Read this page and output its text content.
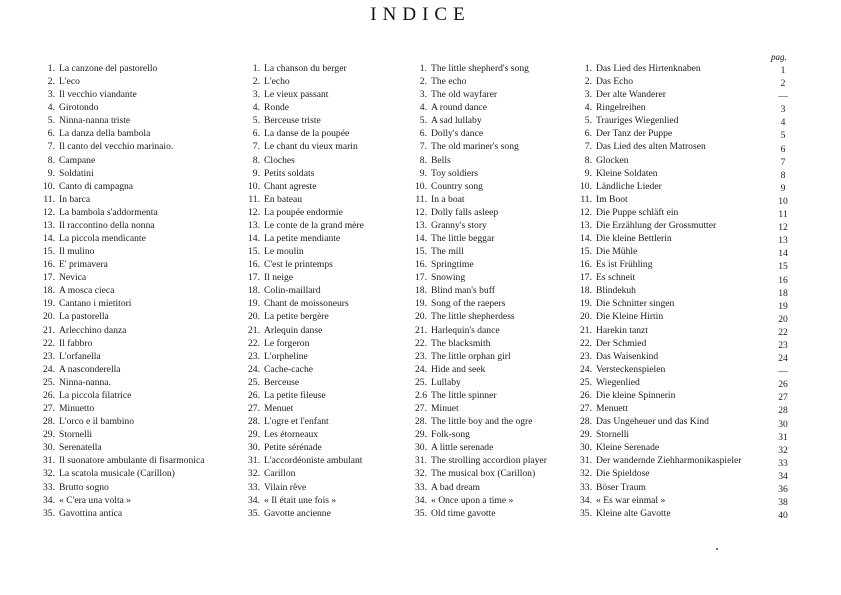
INDICE
1. La canzone del pastorello
2. L'eco
3. Il vecchio viandante
4. Girotondo
5. Ninna-nanna triste
6. La danza della bambola
7. Il canto del vecchio marinaio.
8. Campane
9. Soldatini
10. Canto di campagna
11. In barca
12. La bambola s'addormenta
13. Il raccontino della nonna
14. La piccola mendicante
15. Il mulino
16. E' primavera
17. Nevica
18. A mosca cieca
19. Cantano i mietitori
20. La pastorella
21. Arlecchino danza
22. Il fabbro
23. L'orfanella
24. A nasconderella
25. Ninna-nanna.
26. La piccola filatrice
27. Minuetto
28. L'orco e il bambino
29. Stornelli
30. Serenatella
31. Il suonatore ambulante di fisarmonica
32. La scatola musicale (Carillon)
33. Brutto sogno
34. « C'era una volta »
35. Gavottina antica
1. La chanson du berger
2. L'echo
3. Le vieux passant
4. Ronde
5. Berceuse triste
6. La danse de la poupée
7. Le chant du vieux marin
8. Cloches
9. Petits soldats
10. Chant agreste
11. En bateau
12. La poupée endormie
13. Le conte de la grand mère
14. La petite mendiante
15. Le moulin
16. C'est le printemps
17. Il neige
18. Colin-maillard
19. Chant de moissoneurs
20. La petite bergère
21. Arlequin danse
22. Le forgeron
23. L'orpheline
24. Cache-cache
25. Berceuse
26. La petite fileuse
27. Menuet
28. L'ogre et l'enfant
29. Les étorneaux
30. Petite sérénade
31. L'accordéoniste ambulant
32. Carillon
33. Vilain rêve
34. « Il était une fois »
35. Gavotte ancienne
1. The little shepherd's song
2. The echo
3. The old wayfarer
4. A round dance
5. A sad lullaby
6. Dolly's dance
7. The old mariner's song
8. Bells
9. Toy soldiers
10. Country song
11. In a boat
12. Dolly falls asleep
13. Granny's story
14. The little beggar
15. The mill
16. Springtime
17. Snowing
18. Blind man's buff
19. Song of the raepers
20. The little shepherdess
21. Harlequin's dance
22. The blacksmith
23. The little orphan girl
24. Hide and seek
25. Lullaby
2.6 The little spinner
27. Minuet
28. The little boy and the ogre
29. Folk-song
30. A little serenade
31. The strolling accordion player
32. The musical box (Carillon)
33. A bad dream
34. « Once upon a time »
35. Old time gavotte
1. Das Lied des Hirtenknaben
2. Das Echo
3. Der alte Wanderer
4. Ringelreihen
5. Trauriges Wiegenlied
6. Der Tanz der Puppe
7. Das Lied des alten Matrosen
8. Glocken
9. Kleine Soldaten
10. Ländliche Lieder
11. Im Boot
12. Die Puppe schläft ein
13. Die Erzählung der Grossmutter
14. Die kleine Bettlerin
15. Die Mühle
16. Es ist Frühling
17. Es schneit
18. Blindekuh
19. Die Schnitter singen
20. Die Kleine Hirtin
21. Harekin tanzt
22. Der Schmied
23. Das Waisenkind
24. Versteckenspielen
25. Wiegenlied
26. Die kleine Spinnerin
27. Menuett
28. Das Ungeheuer und das Kind
29. Stornelli
30. Kleine Serenade
31. Der wandernde Ziehharmonikaspieler
32. Die Spieldose
33. Böser Traum
34. « Es war einmal »
35. Kleine alte Gavotte
pag.
1
2
—
3
4
5
6
7
8
9
10
11
12
13
14
15
16
18
19
20
22
23
24
—
26
27
28
30
31
32
33
34
36
38
40
